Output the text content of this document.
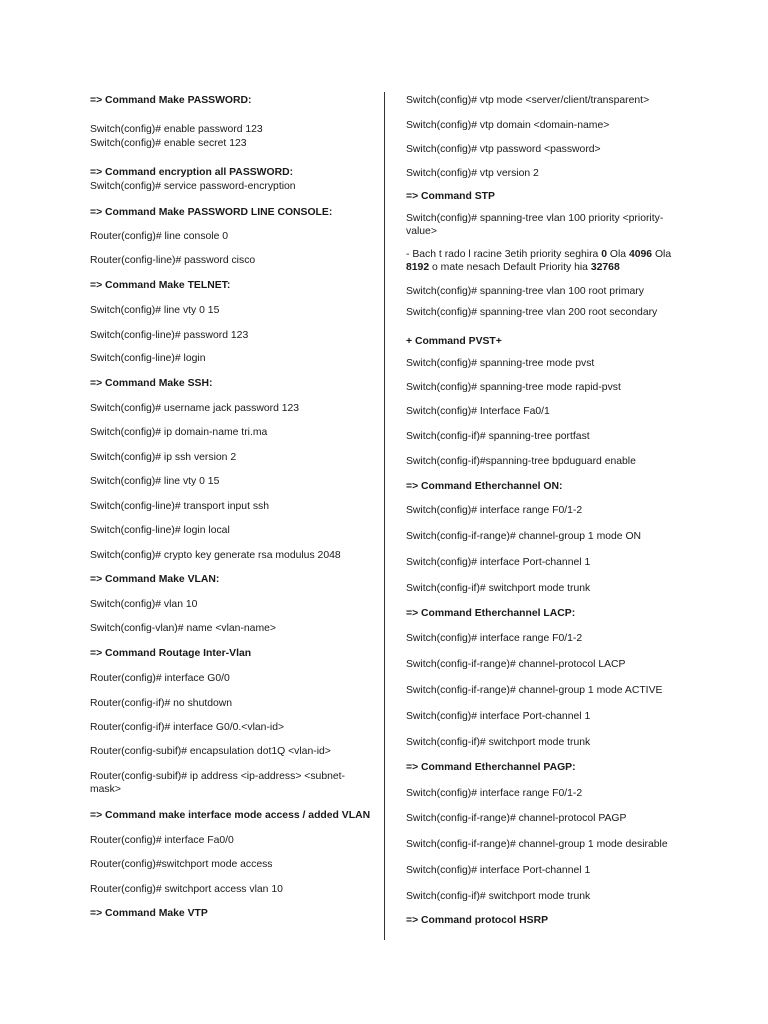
=> Command Make PASSWORD:
Switch(config)# enable password 123
Switch(config)# enable secret 123
=> Command encryption all PASSWORD:
Switch(config)# service password-encryption
=> Command Make PASSWORD LINE CONSOLE:
Router(config)# line console 0
Router(config-line)# password cisco
=> Command Make TELNET:
Switch(config)# line vty 0 15
Switch(config-line)# password 123
Switch(config-line)# login
=> Command Make SSH:
Switch(config)# username jack password 123
Switch(config)# ip domain-name tri.ma
Switch(config)# ip ssh version 2
Switch(config)# line vty 0 15
Switch(config-line)# transport input ssh
Switch(config-line)# login local
Switch(config)# crypto key generate rsa modulus 2048
=> Command Make VLAN:
Switch(config)# vlan 10
Switch(config-vlan)# name <vlan-name>
=> Command Routage Inter-Vlan
Router(config)# interface G0/0
Router(config-if)# no shutdown
Router(config-if)# interface G0/0.<vlan-id>
Router(config-subif)# encapsulation dot1Q <vlan-id>
Router(config-subif)# ip address <ip-address> <subnet-mask>
=> Command make interface mode access / added VLAN
Router(config)# interface Fa0/0
Router(config)#switchport mode access
Router(config)# switchport access vlan 10
=> Command Make VTP
Switch(config)# vtp mode <server/client/transparent>
Switch(config)# vtp domain <domain-name>
Switch(config)# vtp password <password>
Switch(config)# vtp version 2
=> Command STP
Switch(config)# spanning-tree vlan 100 priority <priority-value>
- Bach t rado l racine 3etih priority seghira 0 Ola 4096 Ola 8192 o mate nesach Default Priority hia 32768
Switch(config)# spanning-tree vlan 100 root primary
Switch(config)# spanning-tree vlan 200 root secondary
+ Command PVST+
Switch(config)# spanning-tree mode pvst
Switch(config)# spanning-tree mode rapid-pvst
Switch(config)# Interface Fa0/1
Switch(config-if)# spanning-tree portfast
Switch(config-if)#spanning-tree bpduguard enable
=> Command Etherchannel ON:
Switch(config)# interface range F0/1-2
Switch(config-if-range)# channel-group 1 mode ON
Switch(config)# interface Port-channel 1
Switch(config-if)# switchport mode trunk
=> Command Etherchannel LACP:
Switch(config)# interface range F0/1-2
Switch(config-if-range)# channel-protocol LACP
Switch(config-if-range)# channel-group 1 mode ACTIVE
Switch(config)# interface Port-channel 1
Switch(config-if)# switchport mode trunk
=> Command Etherchannel PAGP:
Switch(config)# interface range F0/1-2
Switch(config-if-range)# channel-protocol PAGP
Switch(config-if-range)# channel-group 1 mode desirable
Switch(config)# interface Port-channel 1
Switch(config-if)# switchport mode trunk
=> Command protocol HSRP
